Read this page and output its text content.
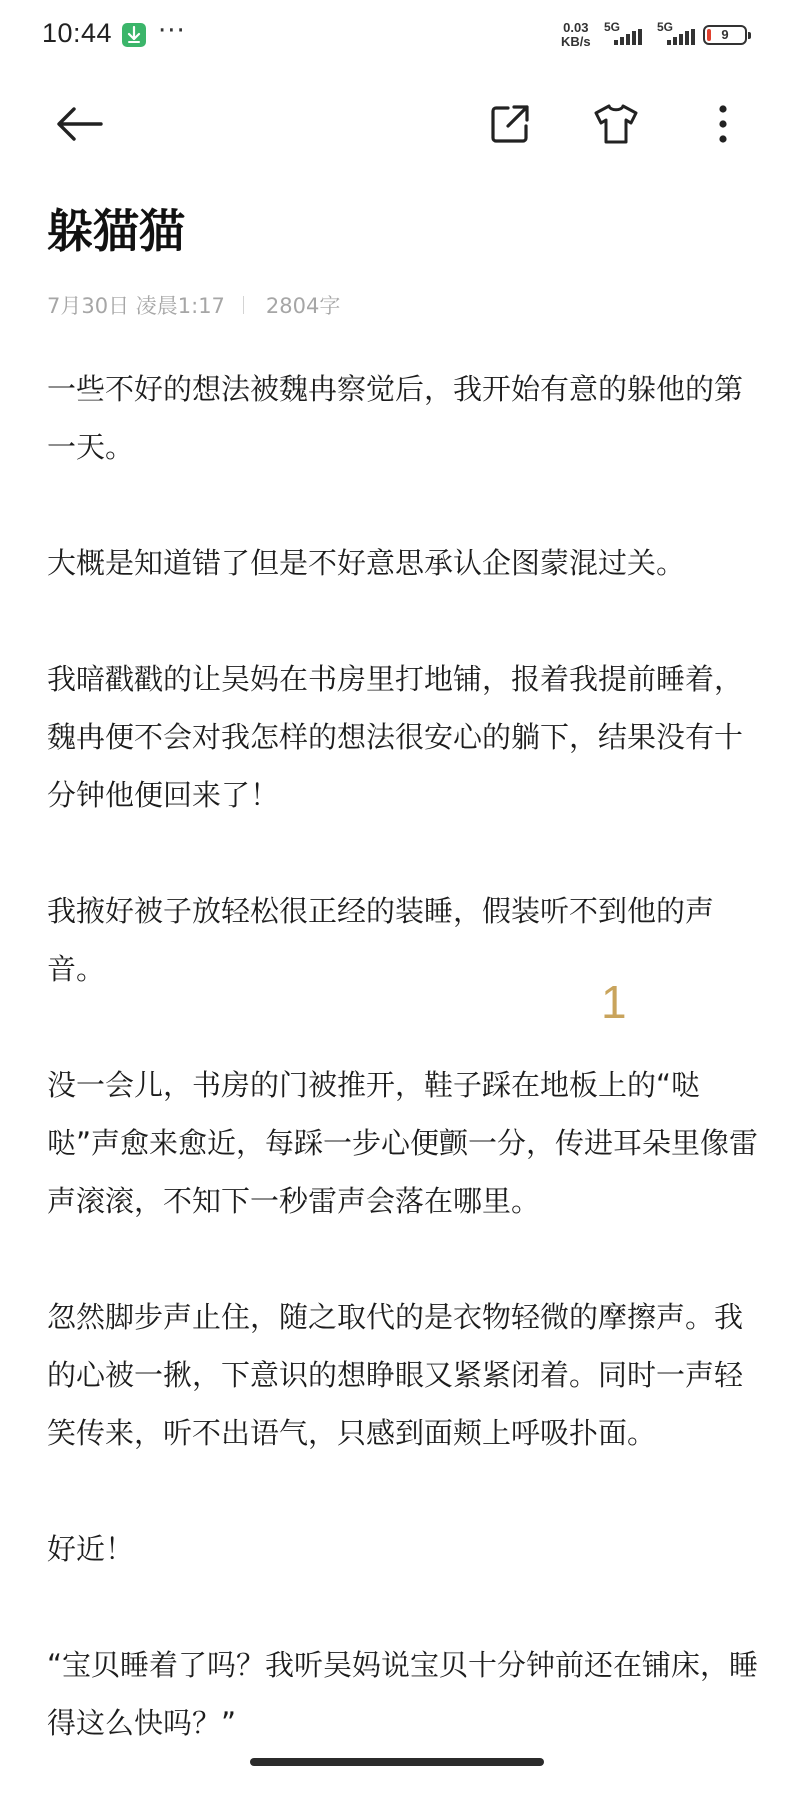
10:44 ···	0.03
KB/s
5G	5G	9
躲猫猫
7月30日 凌晨1:17 2804字

一些不好的想法被魏冉察觉后，我开始有意的躲他的第一天。

大概是知道错了但是不好意思承认企图蒙混过关。

我暗戳戳的让吴妈在书房里打地铺，报着我提前睡着，魏冉便不会对我怎样的想法很安心的躺下，结果没有十分钟他便回来了！

我掖好被子放轻松很正经的装睡，假装听不到他的声音。

没一会儿，书房的门被推开，鞋子踩在地板上的“哒哒”声愈来愈近，每踩一步心便颤一分，传进耳朵里像雷声滚滚，不知下一秒雷声会落在哪里。

忽然脚步声止住，随之取代的是衣物轻微的摩擦声。我的心被一揪，下意识的想睁眼又紧紧闭着。同时一声轻笑传来，听不出语气，只感到面颊上呼吸扑面。

好近！

“宝贝睡着了吗？我听吴妈说宝贝十分钟前还在铺床，睡得这么快吗？”

1
